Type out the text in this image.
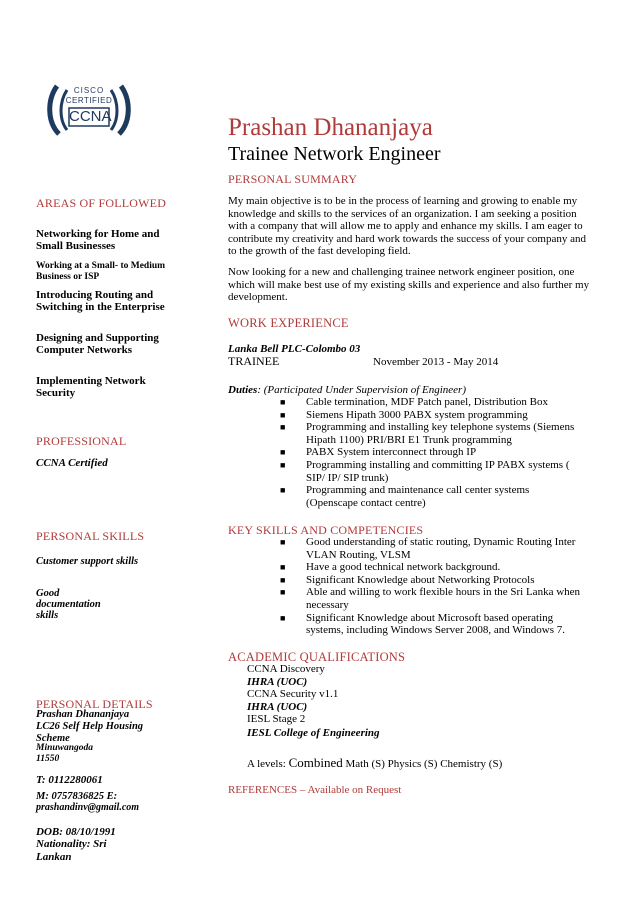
CISCO
CERTIFIED
CCNA	Prashan Dhananjaya
Trainee Network Engineer
PERSONAL SUMMARY
My main objective is to be in the process of learning and growing to enable my knowledge and skills to the services of an organization. I am seeking a position with a company that will allow me to apply and enhance my skills. I am eager to contribute my creativity and hard work towards the success of your company and to the growth of the fast developing field.
Now looking for a new and challenging trainee network engineer position, one which will make best use of my existing skills and experience and also further my development.
AREAS OF FOLLOWED
Networking for Home and Small Businesses
Working at a Small- to Medium Business or ISP
Introducing Routing and Switching in the Enterprise
Designing and Supporting Computer Networks
Implementing Network Security
PROFESSIONAL
CCNA Certified
PERSONAL SKILLS
Customer support skills
Good documentation skills
PERSONAL DETAILS
Prashan Dhananjaya
LC26 Self Help Housing Scheme
Minuwangoda
11550
T: 0112280061
M: 0757836825 E:
prashandinv@gmail.com
DOB: 08/10/1991
Nationality: Sri Lankan
WORK EXPERIENCE
Lanka Bell PLC-Colombo 03
TRAINEE	November 2013 - May 2014
Duties: (Participated Under Supervision of Engineer)
■ Cable termination, MDF Patch panel, Distribution Box
■ Siemens Hipath 3000 PABX system programming
■ Programming and installing key telephone systems (Siemens Hipath 1100) PRI/BRI E1 Trunk programming
■ PABX System interconnect through IP
■ Programming installing and committing IP PABX systems ( SIP/ IP/ SIP trunk)
■ Programming and maintenance call center systems (Openscape contact centre)
KEY SKILLS AND COMPETENCIES
■ Good understanding of static routing, Dynamic Routing Inter VLAN Routing, VLSM
■ Have a good technical network background.
■ Significant Knowledge about Networking Protocols
■ Able and willing to work flexible hours in the Sri Lanka when necessary
■ Significant Knowledge about Microsoft based operating systems, including Windows Server 2008, and Windows 7.
ACADEMIC QUALIFICATIONS
CCNA Discovery
IHRA (UOC)
CCNA Security v1.1
IHRA (UOC)
IESL Stage 2
IESL College of Engineering
A levels: Combined Math (S) Physics (S) Chemistry (S)
REFERENCES – Available on Request
